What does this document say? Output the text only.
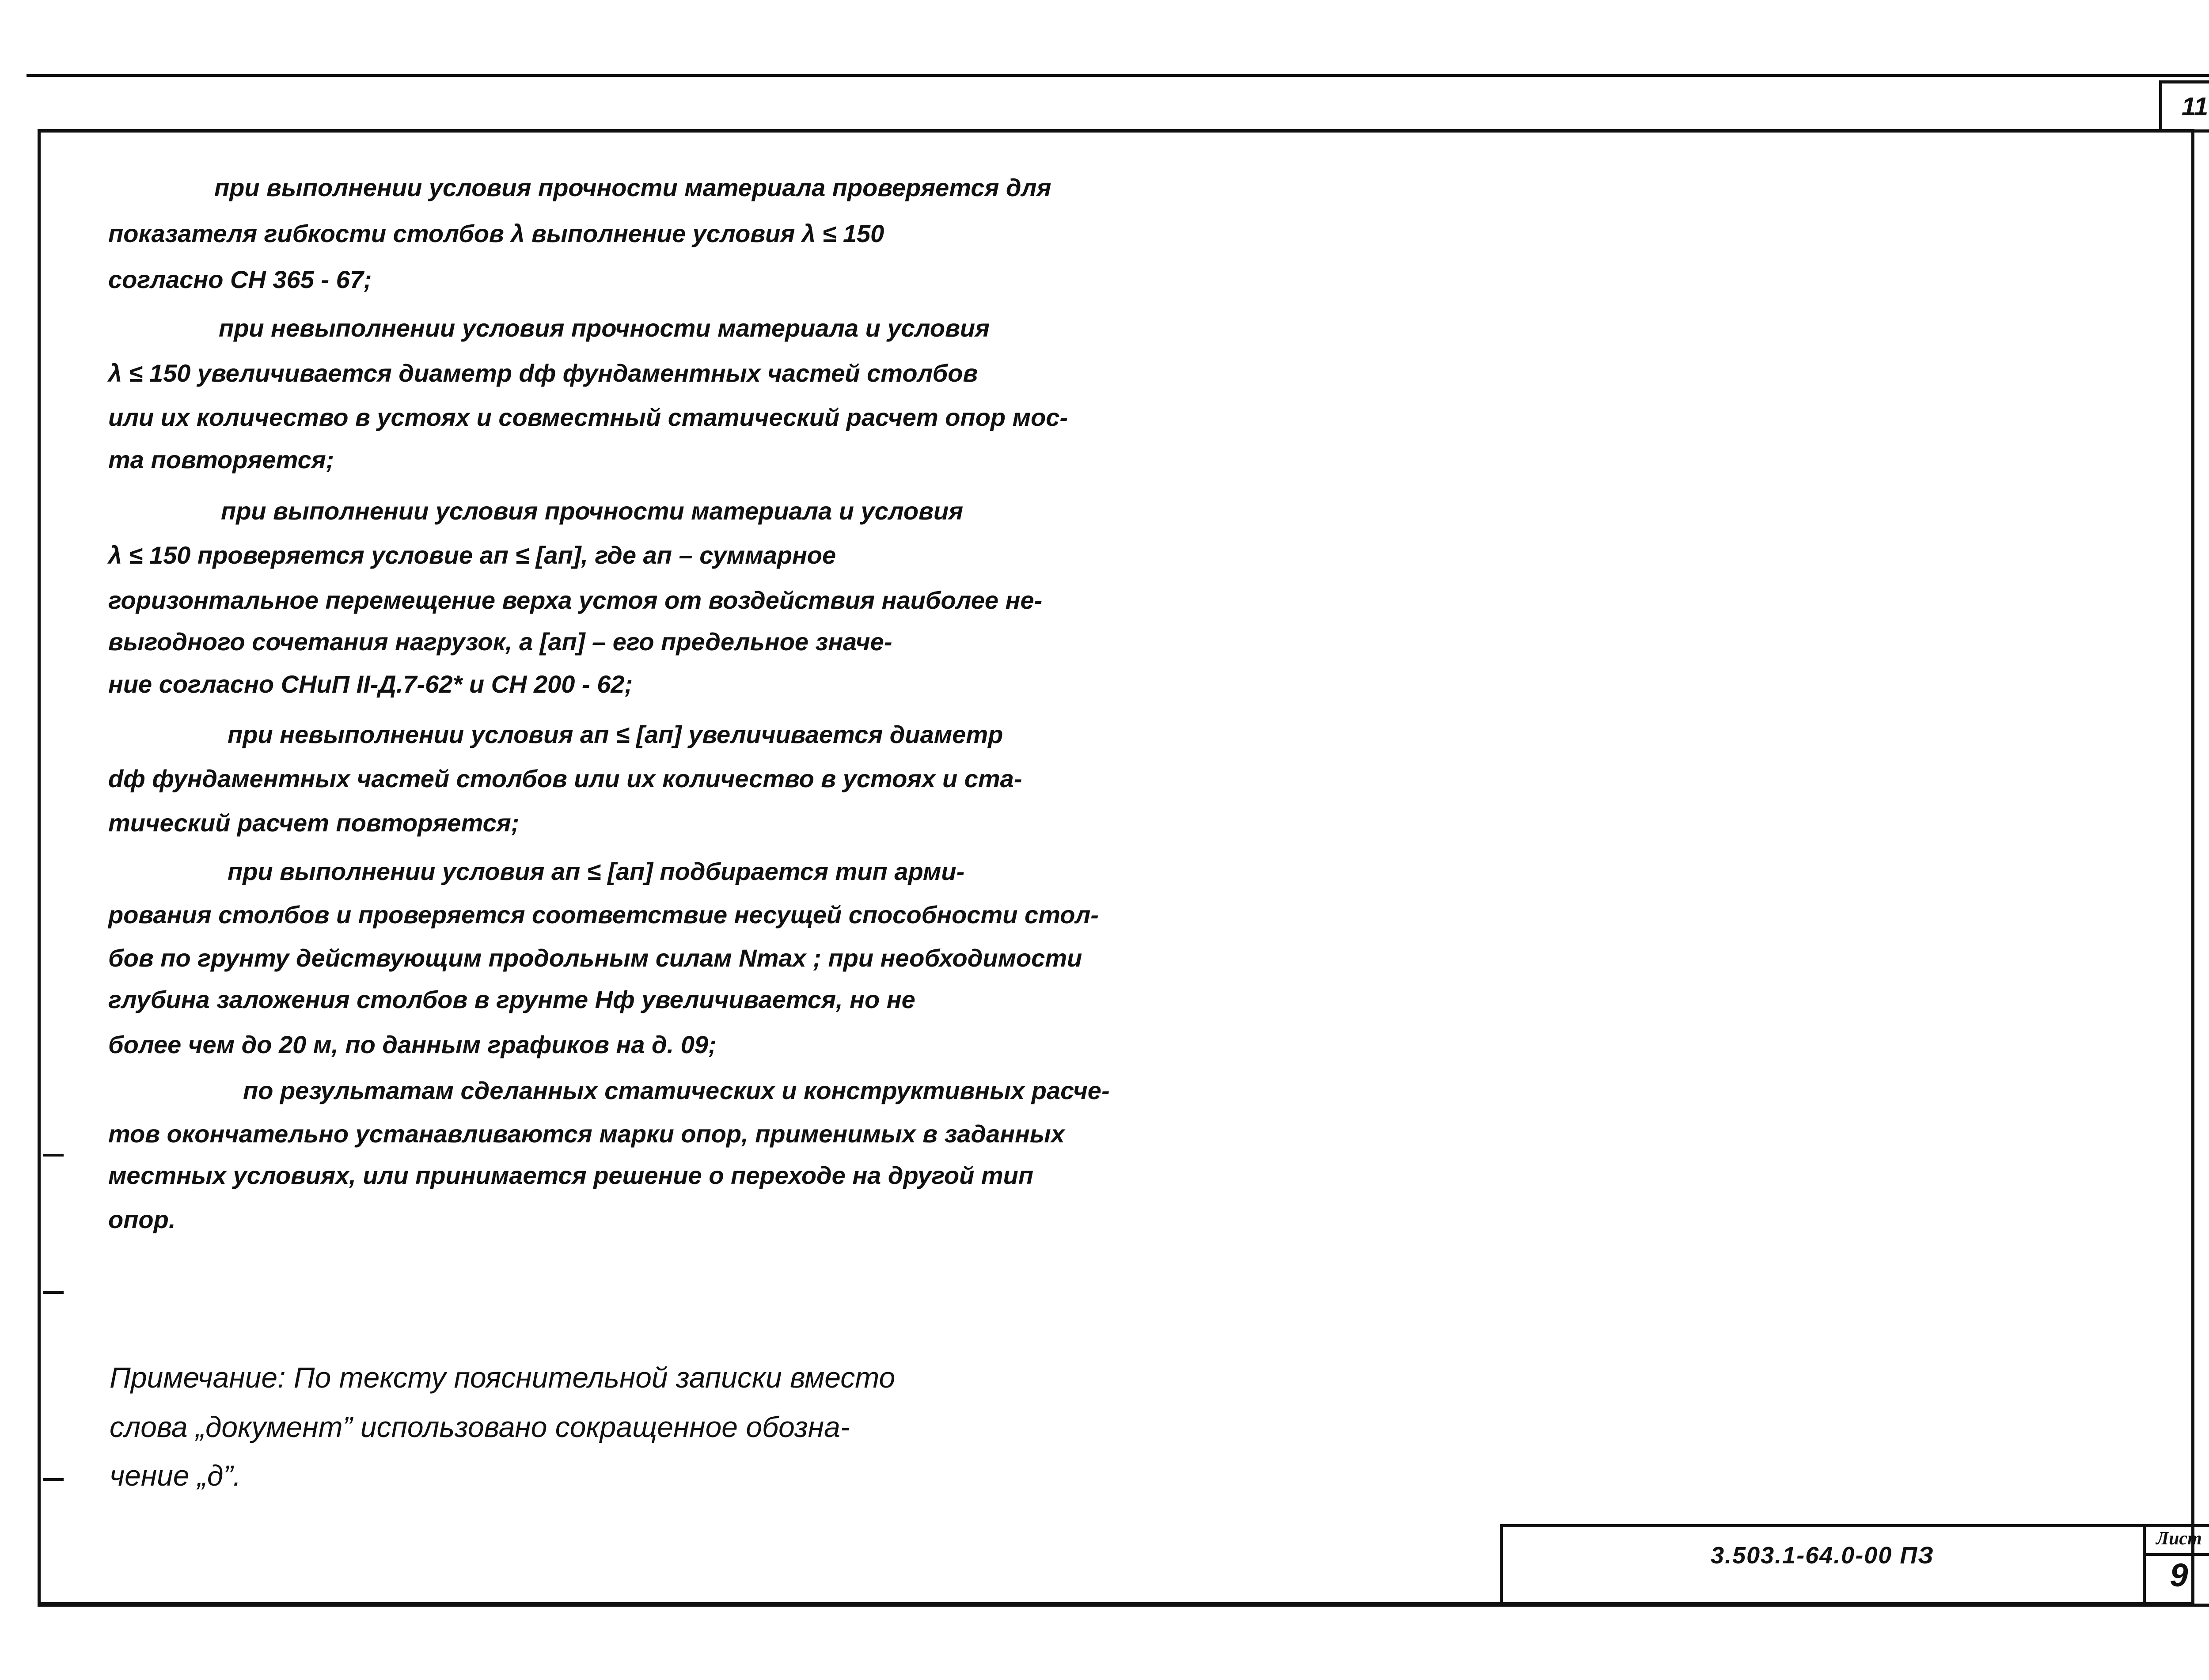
11
при выполнении условия прочности материала проверяется для
показателя гибкости столбов λ выполнение условия λ ≤ 150
согласно СН 365 - 67;
при невыполнении условия прочности материала и условия
λ ≤ 150 увеличивается диаметр dф фундаментных частей столбов
или их количество в устоях и совместный статический расчет опор мос-
та повторяется;
при выполнении условия прочности материала и условия
λ ≤ 150 проверяется условие aп ≤ [aп], где aп – суммарное
горизонтальное перемещение верха устоя от воздействия наиболее не-
выгодного сочетания нагрузок, а [aп] – его предельное значе-
ние согласно СНиП II-Д.7-62* и СН 200 - 62;
при невыполнении условия aп ≤ [aп] увеличивается диаметр
dф фундаментных частей столбов или их количество в устоях и ста-
тический расчет повторяется;
при выполнении условия aп ≤ [aп] подбирается тип арми-
рования столбов и проверяется соответствие несущей способности стол-
бов по грунту действующим продольным силам Nmax ; при необходимости
глубина заложения столбов в грунте Hф увеличивается, но не
более чем до 20 м, по данным графиков на д. 09;
по результатам сделанных статических и конструктивных расче-
тов окончательно устанавливаются марки опор, применимых в заданных
местных условиях, или принимается решение о переходе на другой тип
опор.
Примечание: По тексту пояснительной записки вместо
слова „документ” использовано сокращенное обозна-
чение „д”.
3.503.1-64.0-00 ПЗ
Лист
9
